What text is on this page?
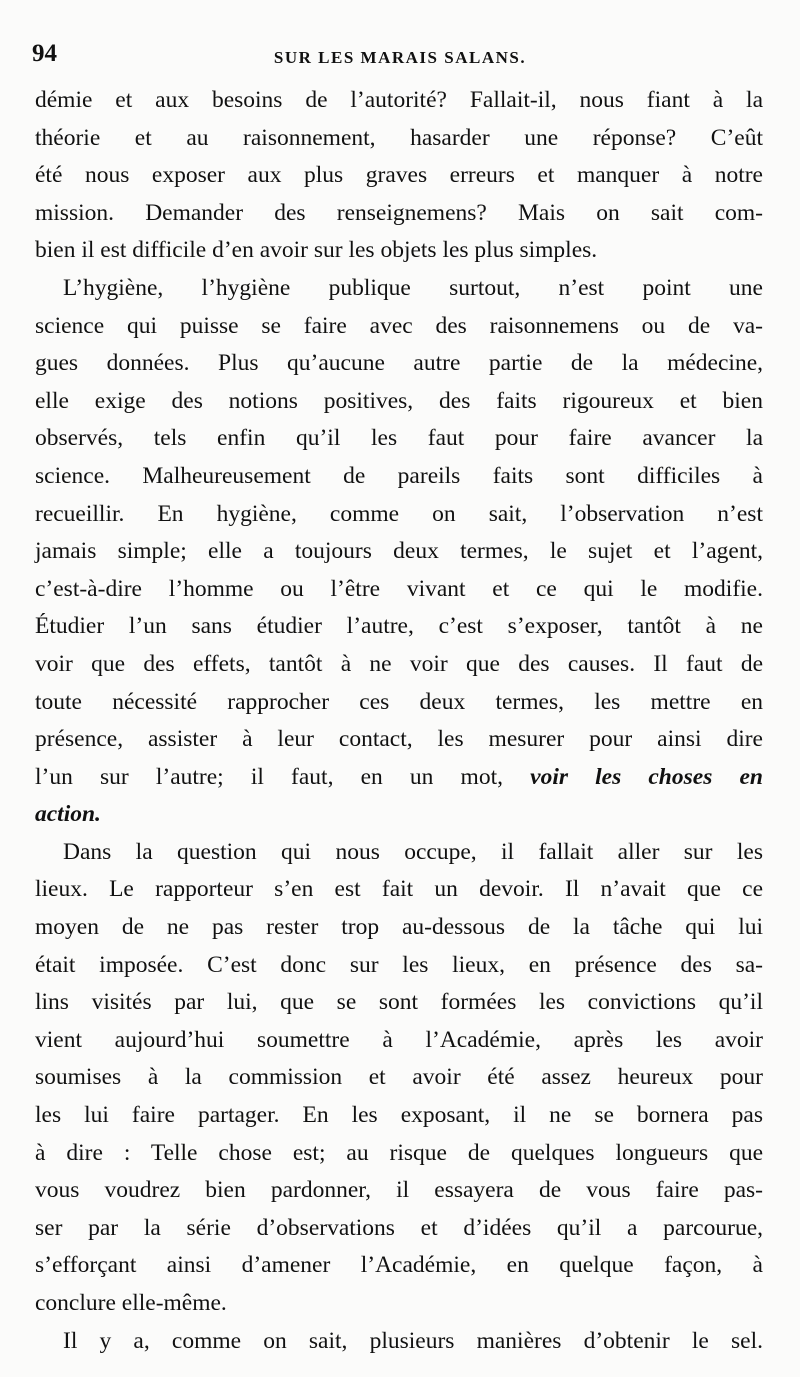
94	SUR LES MARAIS SALANS.
démie et aux besoins de l’autorité? Fallait-il, nous fiant à la
théorie et au raisonnement, hasarder une réponse? C’eût
été nous exposer aux plus graves erreurs et manquer à notre
mission. Demander des renseignemens? Mais on sait com-
bien il est difficile d’en avoir sur les objets les plus simples.
L’hygiène, l’hygiène publique surtout, n’est point une
science qui puisse se faire avec des raisonnemens ou de va-
gues données. Plus qu’aucune autre partie de la médecine,
elle exige des notions positives, des faits rigoureux et bien
observés, tels enfin qu’il les faut pour faire avancer la
science. Malheureusement de pareils faits sont difficiles à
recueillir. En hygiène, comme on sait, l’observation n’est
jamais simple; elle a toujours deux termes, le sujet et l’agent,
c’est-à-dire l’homme ou l’être vivant et ce qui le modifie.
Étudier l’un sans étudier l’autre, c’est s’exposer, tantôt à ne
voir que des effets, tantôt à ne voir que des causes. Il faut de
toute nécessité rapprocher ces deux termes, les mettre en
présence, assister à leur contact, les mesurer pour ainsi dire
l’un sur l’autre; il faut, en un mot, voir les choses en
action.
Dans la question qui nous occupe, il fallait aller sur les
lieux. Le rapporteur s’en est fait un devoir. Il n’avait que ce
moyen de ne pas rester trop au-dessous de la tâche qui lui
était imposée. C’est donc sur les lieux, en présence des sa-
lins visités par lui, que se sont formées les convictions qu’il
vient aujourd’hui soumettre à l’Académie, après les avoir
soumises à la commission et avoir été assez heureux pour
les lui faire partager. En les exposant, il ne se bornera pas
à dire : Telle chose est; au risque de quelques longueurs que
vous voudrez bien pardonner, il essayera de vous faire pas-
ser par la série d’observations et d’idées qu’il a parcourue,
s’efforçant ainsi d’amener l’Académie, en quelque façon, à
conclure elle-même.
Il y a, comme on sait, plusieurs manières d’obtenir le sel.
